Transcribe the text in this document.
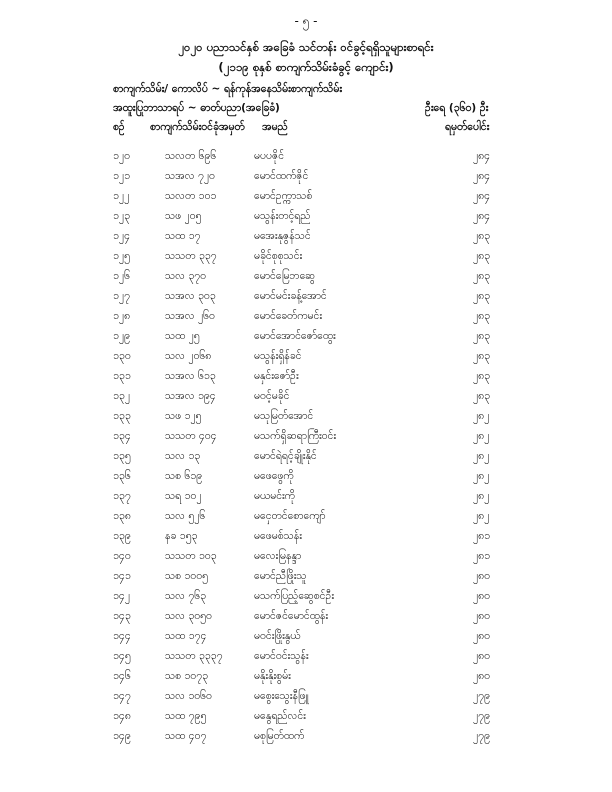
- ၅ -
၂၀၂၀ ပညာသင်နှစ် အခြေခံ သင်တန်း ဝင်ခွင့်ရရှိသူများစာရင်း
(၂၁၁၉ စုနှစ် စာကျက်သိမ်းခံခွင့် ကျောင်း)
စာကျက်သိမ်း/ ကောလိပ် ~ ရန်ကုန်အနေသိမ်းစာကျက်သိမ်း
အထူးပြုဘာသာရပ် ~ ဓာတ်ပညာ(အခြေခံ)	ဦးရေ (၃၆၀) ဦး
စဉ် စာကျက်သိမ်းဝင်ခုံအမှတ် အမည်	ရမှတ်ပေါင်း
၁၂၀	သလတ ၆၉၆	မပပဇိုင်	၂၈၄
၁၂၁	သအလ ၇၂၀	မောင်ထက်ဇိုင်	၂၈၄
၁၂၂	သလတ ၁၀၁	မောင်ဥက္ကာသစ်	၂၈၄
၁၂၃	သဖ ၂၀၅	မသွန်းတင့်ရည်	၂၈၄
၁၂၄	သထ ၁၇	မအေးနုဇွန်သင်	၂၈၃
၁၂၅	သသတ ၃၃၇	မခိုင်စုစုသင်း	၂၈၃
၁၂၆	သလ ၃၇၀	မောင်မြေဘဆွေ	၂၈၃
၁၂၇	သအလ ၃၀၃	မောင်မင်းခန့်အောင်	၂၈၃
၁၂၈	သအလ ၂၆၀	မောင်ခေတ်ကမင်း	၂၈၃
၁၂၉	သထ ၂၅	မောင်အောင်ဇော်ထွေး	၂၈၃
၁၃၀	သလ ၂၀၆၈	မသွန်းရှိန်ခင်	၂၈၃
၁၃၁	သအလ ၆၁၃	မနှင်းဇော်ဦး	၂၈၃
၁၃၂	သအလ ၁၉၄	မဝင့်မခိုင်	၂၈၃
၁၃၃	သဖ ၁၂၅	မသုမြတ်အောင်	၂၈၂
၁၃၄	သသတ ၄၀၄	မသက်ရှိဆရာကြီးဝင်း	၂၈၂
၁၃၅	သလ ၁၃	မောင်ရဲရင့်ချိုးနိုင်	၂၈၂
၁၃၆	သစ ၆၁၉	မဖေဖွေကို	၂၈၂
၁၃၇	သရ ၁၀၂	မယမင်းကို	၂၈၂
၁၃၈	သလ ၅၂၆	မငှေတင်စောကျော်	၂၈၂
၁၃၉	နခ ၁၅၃	မဖေမစ်သန်း	၂၈၁
၁၄၀	သသတ ၁၀၃	မလေးမြနန္ဒာ	၂၈၁
၁၄၁	သစ ၁၀၀၅	မောင်ညီဖြိုးသူ	၂၈၀
၁၄၂	သလ ၇၆၃	မသက်ပြည့်ဆွေစင်ဦး	၂၈၀
၁၄၃	သလ ၃၀၅၀	မောင်ဇင်မောင်ထွန်း	၂၈၀
၁၄၄	သထ ၁၇၄	မဝင်းဖြိုးနွယ်	၂၈၀
၁၄၅	သသတ ၃၃၃၇	မောင်ဝင်းသွန်း	၂၈၀
၁၄၆	သစ ၁၀၇၃	မနိုးနိုးစွမ်း	၂၈၀
၁၄၇	သလ ၁၀၆၀	မစွေးသွေးနီဖြူ	၂၇၉
၁၄၈	သထ ၇၉၅	မနွေရည်လင်း	၂၇၉
၁၄၉	သထ ၄၀၇	မစုမြတ်ထက်	၂၇၉
